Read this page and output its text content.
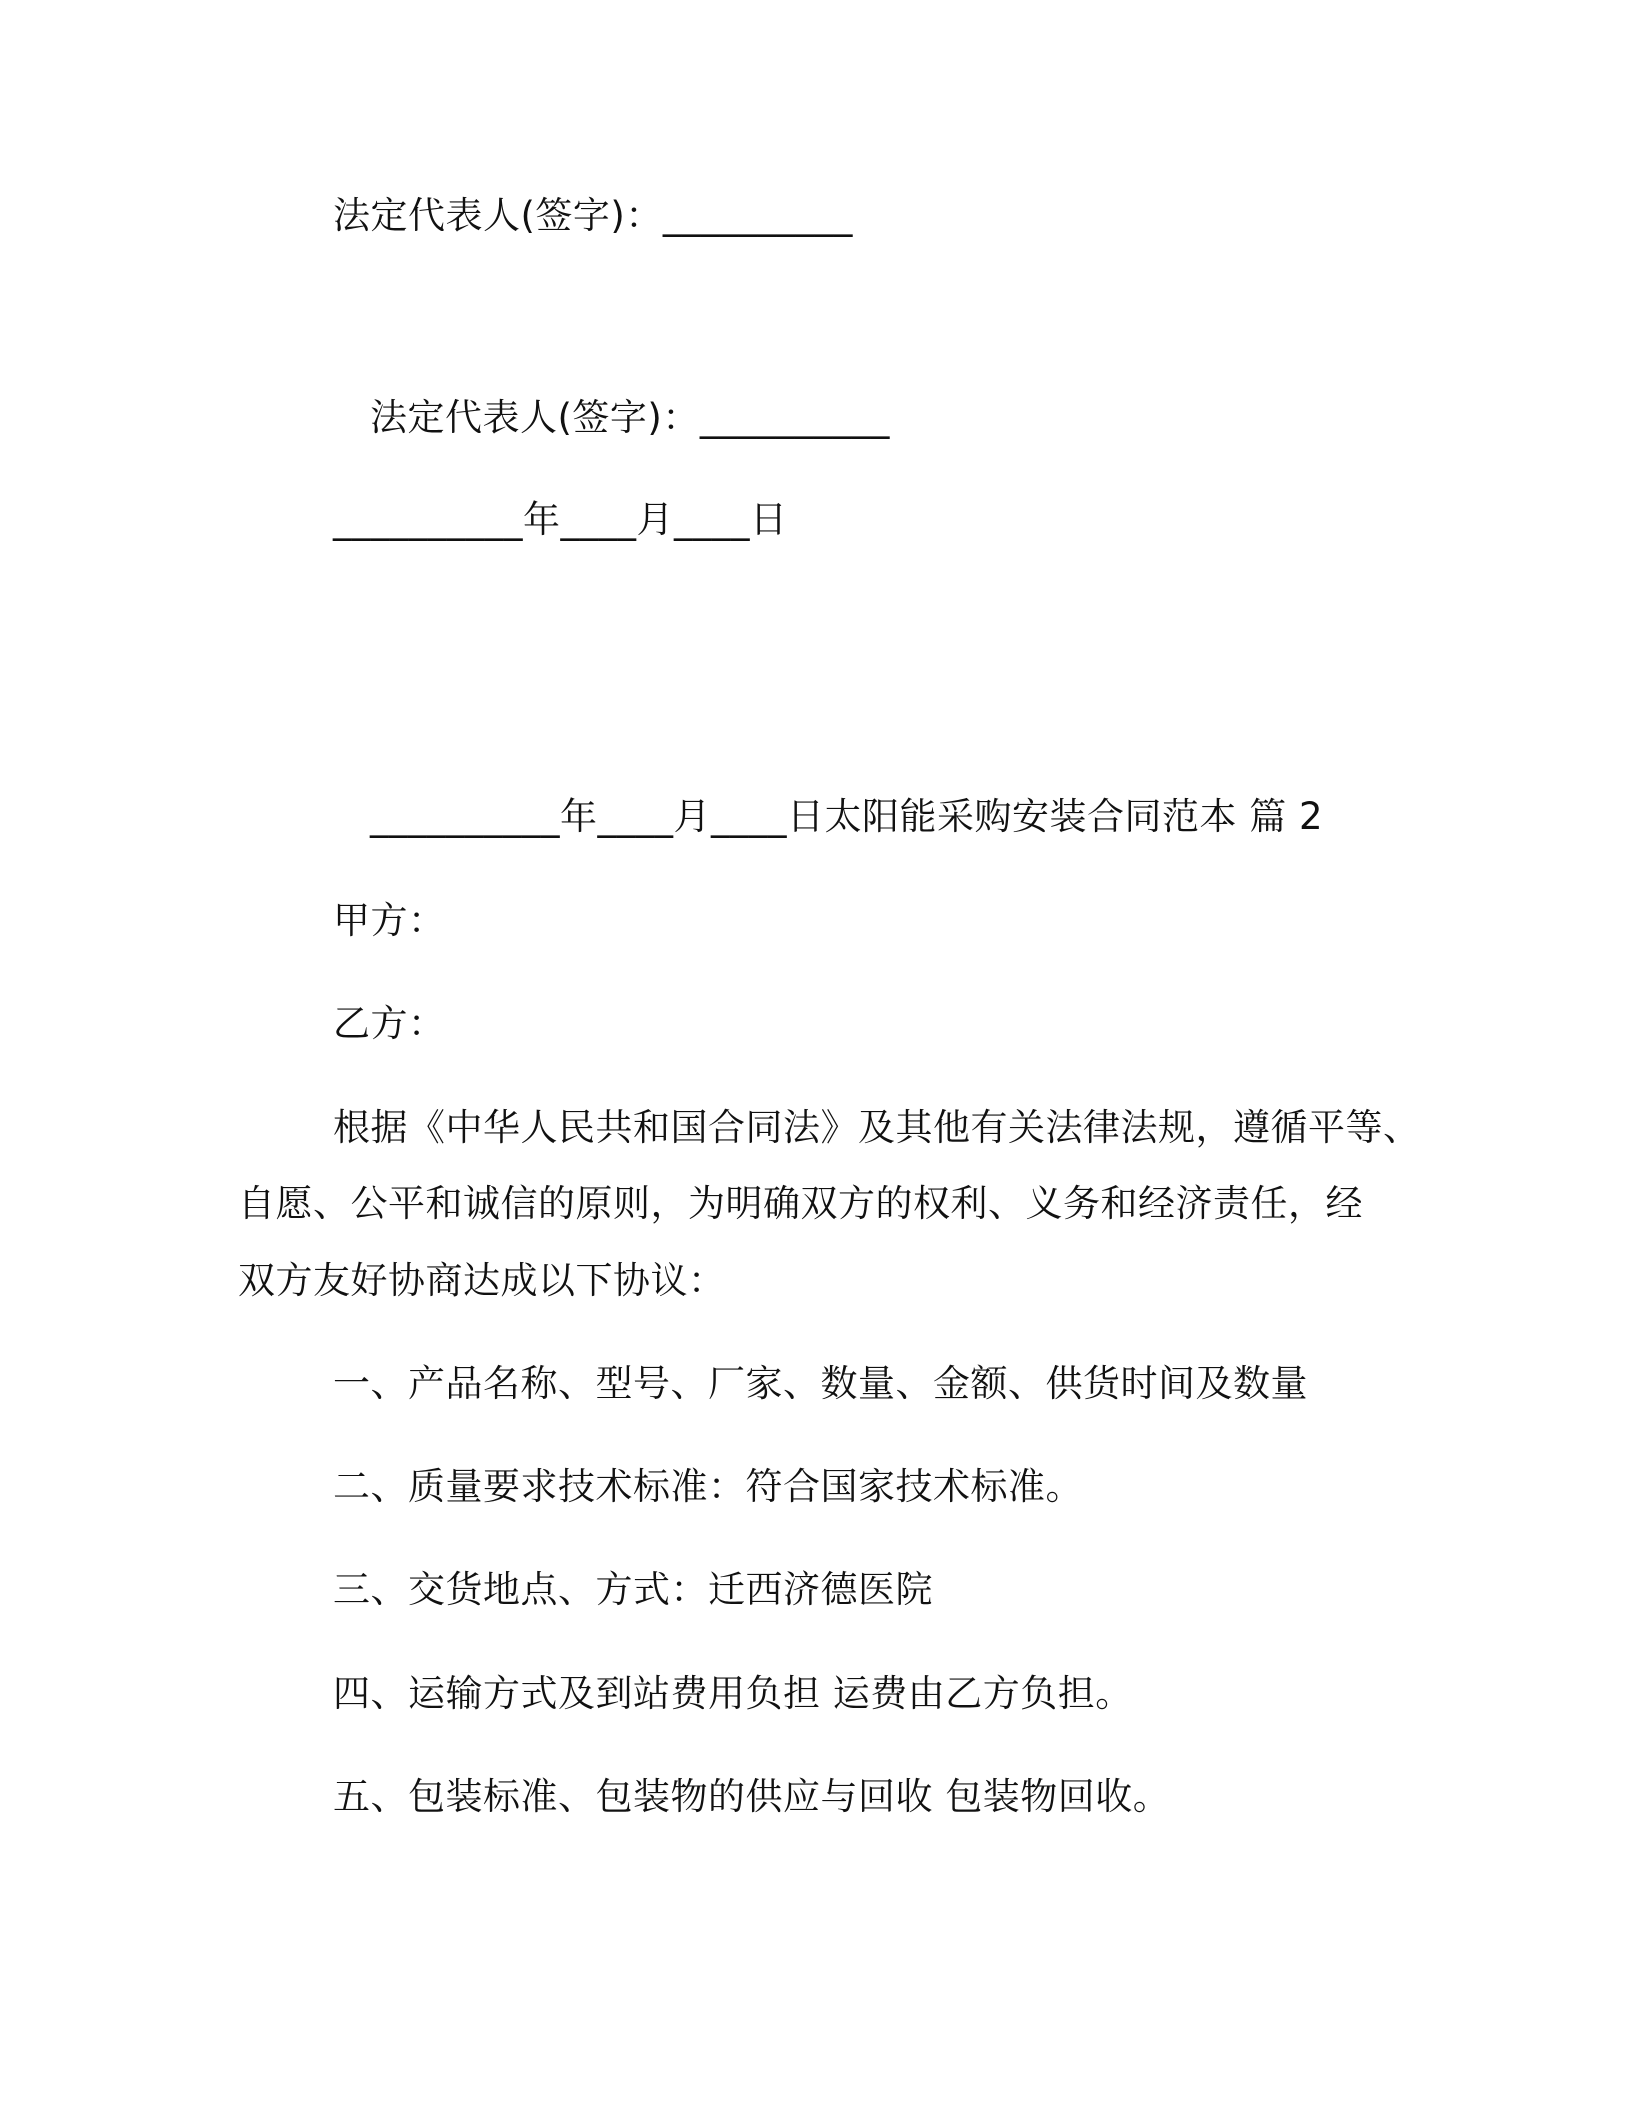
法定代表人(签字)：__________
法定代表人(签字)：__________
__________年____月____日
__________年____月____日太阳能采购安装合同范本 篇 2
甲方：
乙方：
根据《中华人民共和国合同法》及其他有关法律法规，遵循平等、
自愿、公平和诚信的原则，为明确双方的权利、义务和经济责任，经
双方友好协商达成以下协议：
一、产品名称、型号、厂家、数量、金额、供货时间及数量
二、质量要求技术标准：符合国家技术标准。
三、交货地点、方式：迁西济德医院
四、运输方式及到站费用负担 运费由乙方负担。
五、包装标准、包装物的供应与回收 包装物回收。
